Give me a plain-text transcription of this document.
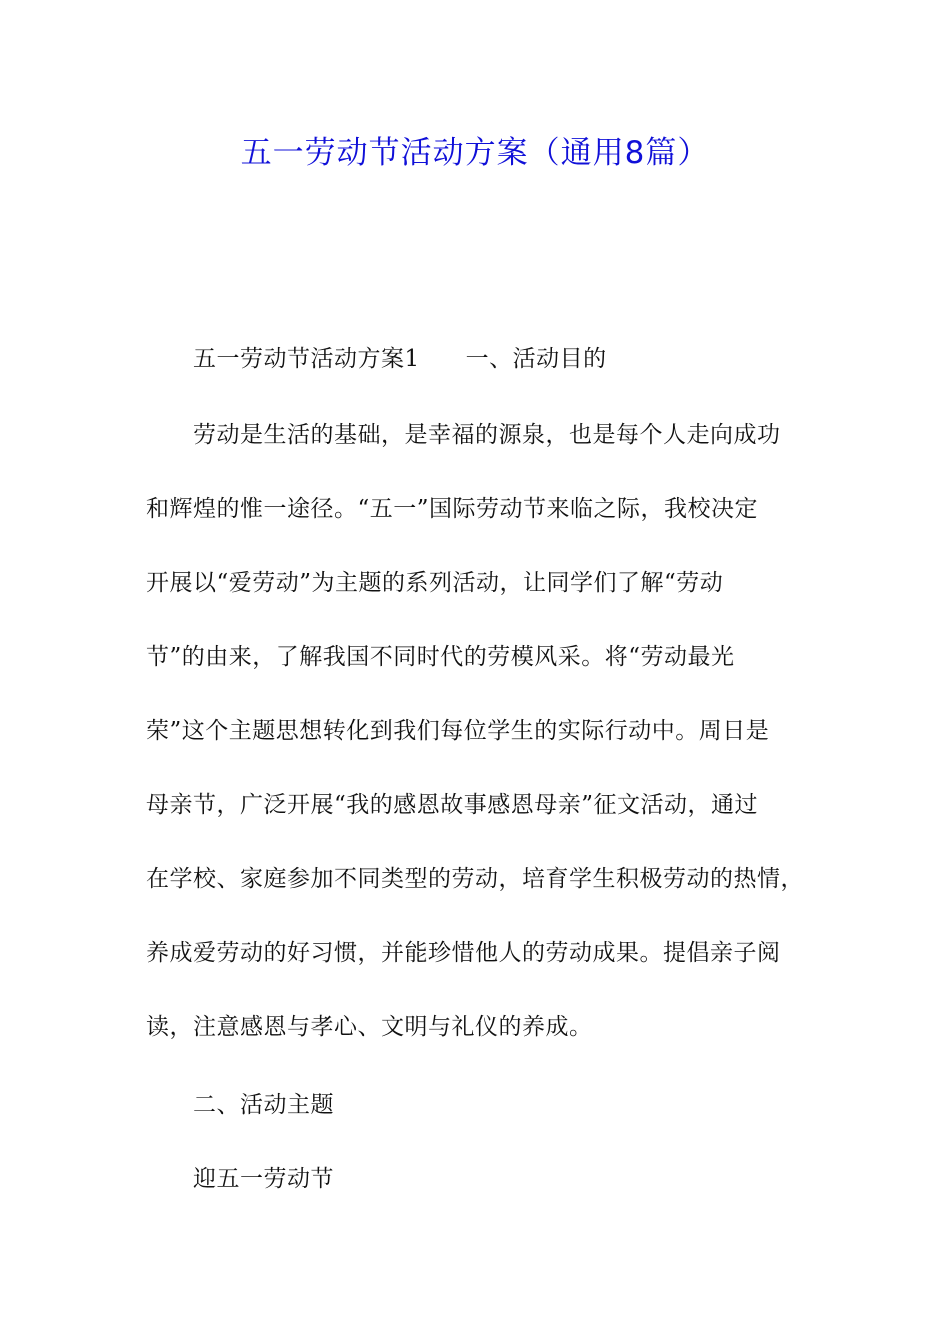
五一劳动节活动方案（通用8篇）
五一劳动节活动方案1 一、活动目的
劳动是生活的基础，是幸福的源泉，也是每个人走向成功
和辉煌的惟一途径。“五一”国际劳动节来临之际，我校决定
开展以“爱劳动”为主题的系列活动，让同学们了解“劳动
节”的由来，了解我国不同时代的劳模风采。将“劳动最光
荣”这个主题思想转化到我们每位学生的实际行动中。周日是
母亲节，广泛开展“我的感恩故事感恩母亲”征文活动，通过
在学校、家庭参加不同类型的劳动，培育学生积极劳动的热情，
养成爱劳动的好习惯，并能珍惜他人的劳动成果。提倡亲子阅
读，注意感恩与孝心、文明与礼仪的养成。
二、活动主题
迎五一劳动节
